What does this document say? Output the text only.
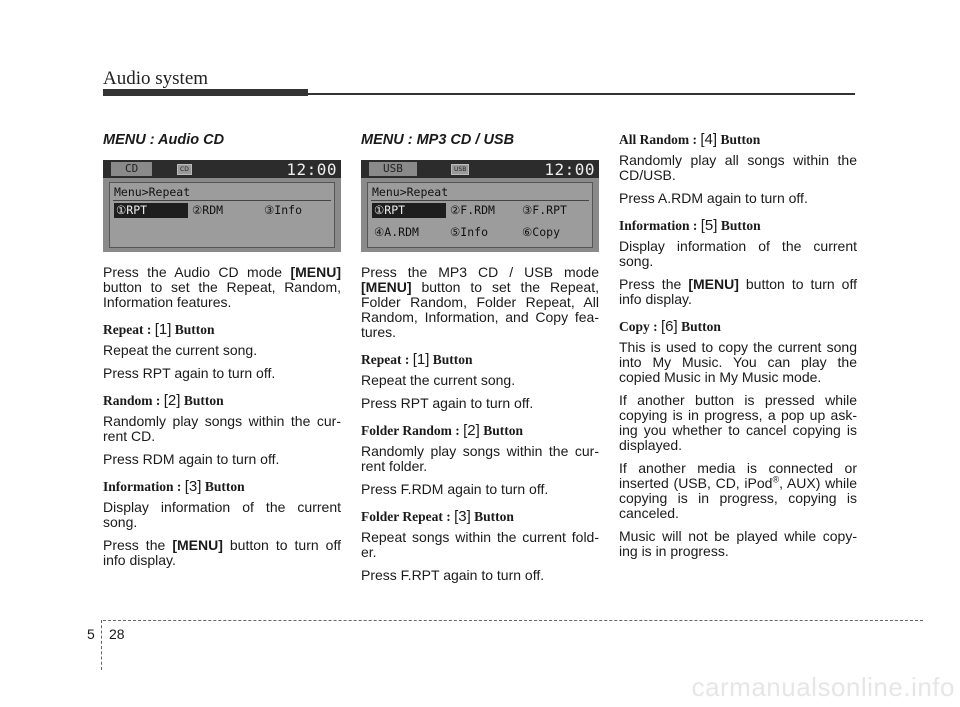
Audio system
MENU : Audio CD
CD	CD	12:00
Menu>Repeat
①RPT	②RDM	③Info

Press the Audio CD mode [MENU] button to set the Repeat, Random, Information features.

Repeat : [1] Button

Repeat the current song.

Press RPT again to turn off.

Random : [2] Button

Randomly play songs within the cur-rent CD.

Press RDM again to turn off.

Information : [3] Button

Display information of the current song.

Press the [MENU] button to turn off info display.

MENU : MP3 CD / USB
USB	USB	12:00
Menu>Repeat
①RPT	②F.RDM ③F.RPT
④A.RDM	⑤Info	⑥Copy

Press the MP3 CD / USB mode [MENU] button to set the Repeat, Folder Random, Folder Repeat, All Random, Information, and Copy fea-tures.

Repeat : [1] Button

Repeat the current song.

Press RPT again to turn off.

Folder Random : [2] Button

Randomly play songs within the cur-rent folder.

Press F.RDM again to turn off.

Folder Repeat : [3] Button

Repeat songs within the current fold-er.

Press F.RPT again to turn off.

All Random : [4] Button

Randomly play all songs within the CD/USB.

Press A.RDM again to turn off.

Information : [5] Button

Display information of the current song.

Press the [MENU] button to turn off info display.

Copy : [6] Button

This is used to copy the current song into My Music. You can play the copied Music in My Music mode.

If another button is pressed while copying is in progress, a pop up ask-ing you whether to cancel copying is displayed.

If another media is connected or inserted (USB, CD, iPod®, AUX) while copying is in progress, copying is canceled.

Music will not be played while copy-ing is in progress.

5 28
carmanualsonline.info
